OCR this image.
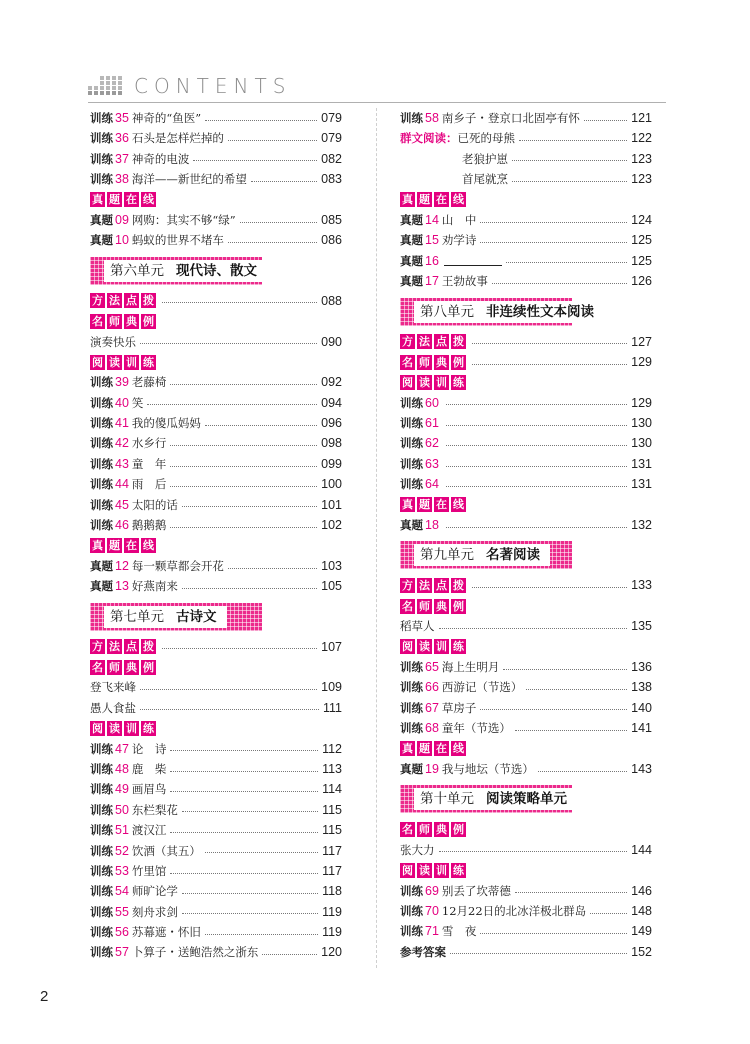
CONTENTS
训练 35 神奇的“鱼医”	079
训练 36 石头是怎样烂掉的	079
训练 37 神奇的电波	082
训练 38 海洋——新世纪的希望	083
真 题 在 线
真题 09 网购：其实不够“绿”	085
真题 10 蚂蚁的世界不堵车	086
第六单元 现代诗、散文
方 法 点 拨	088
名 师 典 例
演奏快乐	090
阅 读 训 练
训练 39 老藤椅	092
训练 40 笑	094
训练 41 我的傻瓜妈妈	096
训练 42 水乡行	098
训练 43 童　年	099
训练 44 雨　后	100
训练 45 太阳的话	101
训练 46 鹅鹅鹅	102
真 题 在 线
真题 12 每一颗草都会开花	103
真题 13 好燕南来	105
第七单元 古诗文
方 法 点 拨	107
名 师 典 例
登飞来峰	109
愚人食盐	111
阅 读 训 练
训练 47 论　诗	112
训练 48 鹿　柴	113
训练 49 画眉鸟	114
训练 50 东栏梨花	115
训练 51 渡汉江	115
训练 52 饮酒（其五）	117
训练 53 竹里馆	117
训练 54 师旷论学	118
训练 55 刻舟求剑	119
训练 56 苏幕遮・怀旧	119
训练 57 卜算子・送鲍浩然之浙东	120
训练 58 南乡子・登京口北固亭有怀	121
群文阅读： 已死的母熊	122
老狼护崽	123
首尾就烹	123
真 题 在 线
真题 14 山　中	124
真题 15 劝学诗	125
真题 16	125
真题 17 王勃故事	126
第八单元 非连续性文本阅读
方 法 点 拨	127
名 师 典 例	129
阅 读 训 练
训练 60	129
训练 61	130
训练 62	130
训练 63	131
训练 64	131
真 题 在 线
真题 18	132
第九单元 名著阅读
方 法 点 拨	133
名 师 典 例
稻草人	135
阅 读 训 练
训练 65 海上生明月	136
训练 66 西游记（节选）	138
训练 67 草房子	140
训练 68 童年（节选）	141
真 题 在 线
真题 19 我与地坛（节选）	143
第十单元 阅读策略单元
名 师 典 例
张大力	144
阅 读 训 练
训练 69 别丢了坎蒂德	146
训练 70 12月22日的北冰洋极北群岛	148
训练 71 雪　夜	149
参考答案	152
2
